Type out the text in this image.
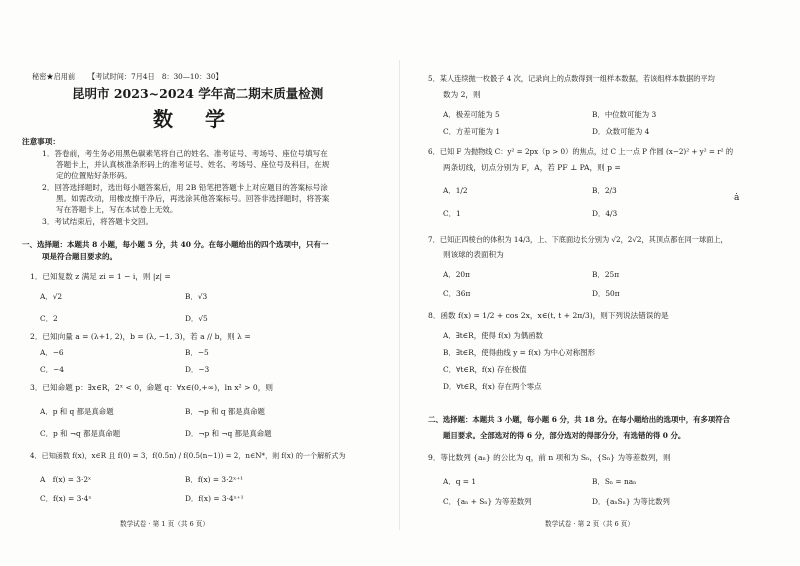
秘密★启用前 【考试时间：7月4日　8：30—10：30】
昆明市 2023~2024 学年高二期末质量检测
数　学
注意事项：
1．答卷前，考生务必用黑色碳素笔将自己的姓名、准考证号、考场号、座位号填写在
答题卡上，并认真核准条形码上的准考证号、姓名、考场号、座位号及科目，在规
定的位置贴好条形码。
2．回答选择题时，选出每小题答案后，用 2B 铅笔把答题卡上对应题目的答案标号涂
黑。如需改动，用橡皮擦干净后，再选涂其他答案标号。回答非选择题时，将答案
写在答题卡上，写在本试卷上无效。
3．考试结束后，将答题卡交回。
一、选择题：本题共 8 小题，每小题 5 分，共 40 分。在每小题给出的四个选项中，只有一
项是符合题目要求的。
1．已知复数 z 满足 zi = 1 − i，则 |z| =
A．√2	B．√3
C．2	D．√5
2．已知向量 a = (λ+1, 2)，b = (λ, −1, 3)，若 a // b，则 λ =
A．−6	B．−5
C．−4	D．−3
3．已知命题 p：∃x∈R，2ˣ < 0，命题 q：∀x∈(0,+∞)，ln x² > 0，则
A．p 和 q 都是真命题	B．¬p 和 q 都是真命题
C．p 和 ¬q 都是真命题	D．¬p 和 ¬q 都是真命题
4．已知函数 f(x)，x∈R 且 f(0) = 3，f(0.5n) / f(0.5(n−1)) = 2，n∈N*，则 f(x) 的一个解析式为
A　f(x) = 3·2ˣ	B．f(x) = 3·2ˣ⁺¹
C．f(x) = 3·4ˣ	D．f(x) = 3·4ˣ⁺¹
数学试卷 · 第 1 页（共 6 页）
5．某人连续抛一枚骰子 4 次，记录向上的点数得到一组样本数据，若该组样本数据的平均
数为 2，则
A．极差可能为 5	B．中位数可能为 3
C．方差可能为 1	D．众数可能为 4
6．已知 F 为抛物线 C：y² = 2px（p > 0）的焦点，过 C 上一点 P 作圆 (x−2)² + y² = r² 的
两条切线，切点分别为 F，A，若 PF ⊥ PA，则 p =
A．1/2	B．2/3
ȧ
C．1	D．4/3
7．已知正四棱台的体积为 14/3，上、下底面边长分别为 √2，2√2，其顶点都在同一球面上，
则该球的表面积为
A．20π	B．25π
C．36π	D．50π
8．函数 f(x) = 1/2 + cos 2x，x∈(t, t + 2π/3)，则下列说法错误的是
A．∃t∈R，使得 f(x) 为偶函数
B．∃t∈R，使得曲线 y = f(x) 为中心对称图形
C．∀t∈R，f(x) 存在极值
D．∀t∈R，f(x) 存在两个零点
二、选择题：本题共 3 小题，每小题 6 分，共 18 分。在每小题给出的选项中，有多项符合
题目要求。全部选对的得 6 分，部分选对的得部分分，有选错的得 0 分。
9．等比数列 {aₙ} 的公比为 q，前 n 项和为 Sₙ，{Sₙ} 为等差数列，则
A．q = 1	B．Sₙ = naₙ
C．{aₙ + Sₙ} 为等差数列	D．{aₙSₙ} 为等比数列
数学试卷 · 第 2 页（共 6 页）
